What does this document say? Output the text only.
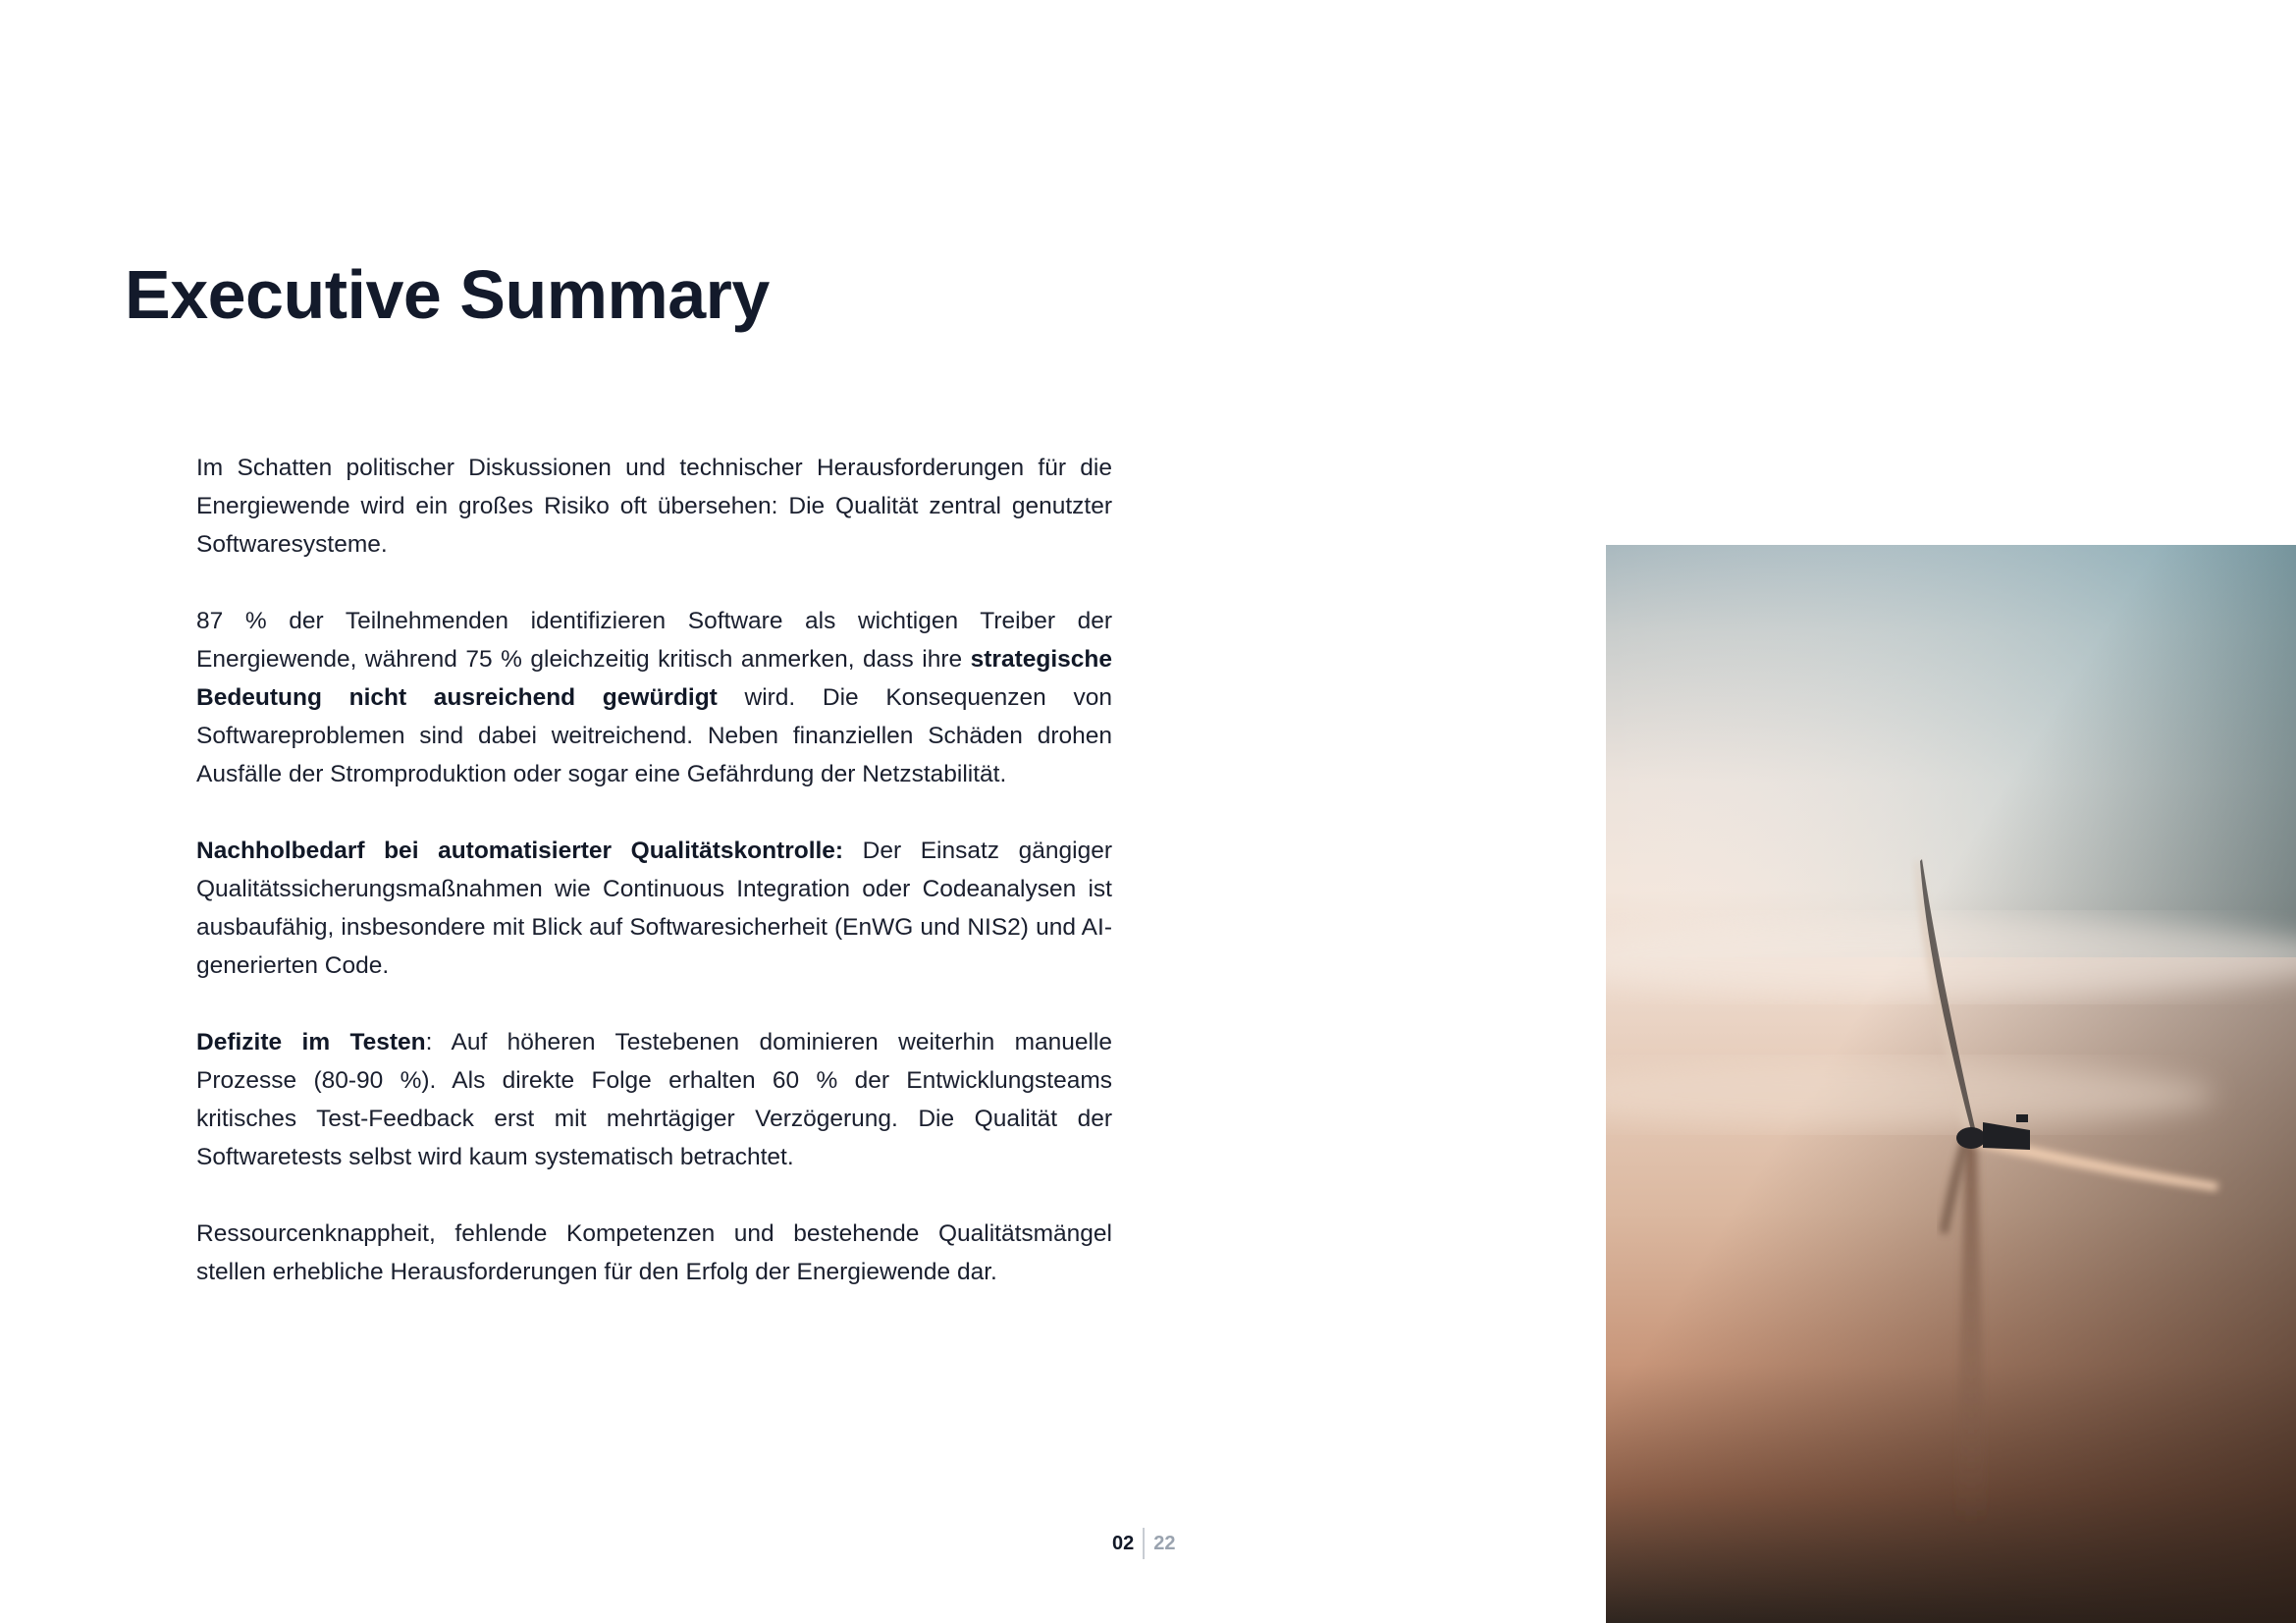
Executive Summary

Im Schatten politischer Diskussionen und technischer Herausforderungen für die Energiewende wird ein großes Risiko oft übersehen: Die Qualität zentral genutzter Softwaresysteme.

87 % der Teilnehmenden identifizieren Software als wichtigen Treiber der Energiewende, während 75 % gleichzeitig kritisch anmerken, dass ihre strategische Bedeutung nicht ausreichend gewürdigt wird. Die Konsequenzen von Softwareproblemen sind dabei weitreichend. Neben finanziellen Schäden drohen Ausfälle der Stromproduktion oder sogar eine Gefährdung der Netzstabilität.

Nachholbedarf bei automatisierter Qualitätskontrolle: Der Einsatz gängiger Qualitätssicherungsmaßnahmen wie Continuous Integration oder Codeanalysen ist ausbaufähig, insbesondere mit Blick auf Softwaresicherheit (EnWG und NIS2) und AI-generierten Code.

Defizite im Testen: Auf höheren Testebenen dominieren weiterhin manuelle Prozesse (80-90 %). Als direkte Folge erhalten 60 % der Entwicklungsteams kritisches Test-Feedback erst mit mehrtägiger Verzögerung. Die Qualität der Softwaretests selbst wird kaum systematisch betrachtet.

Ressourcenknappheit, fehlende Kompetenzen und bestehende Qualitätsmängel stellen erhebliche Herausforderungen für den Erfolg der Energiewende dar.

02 22
